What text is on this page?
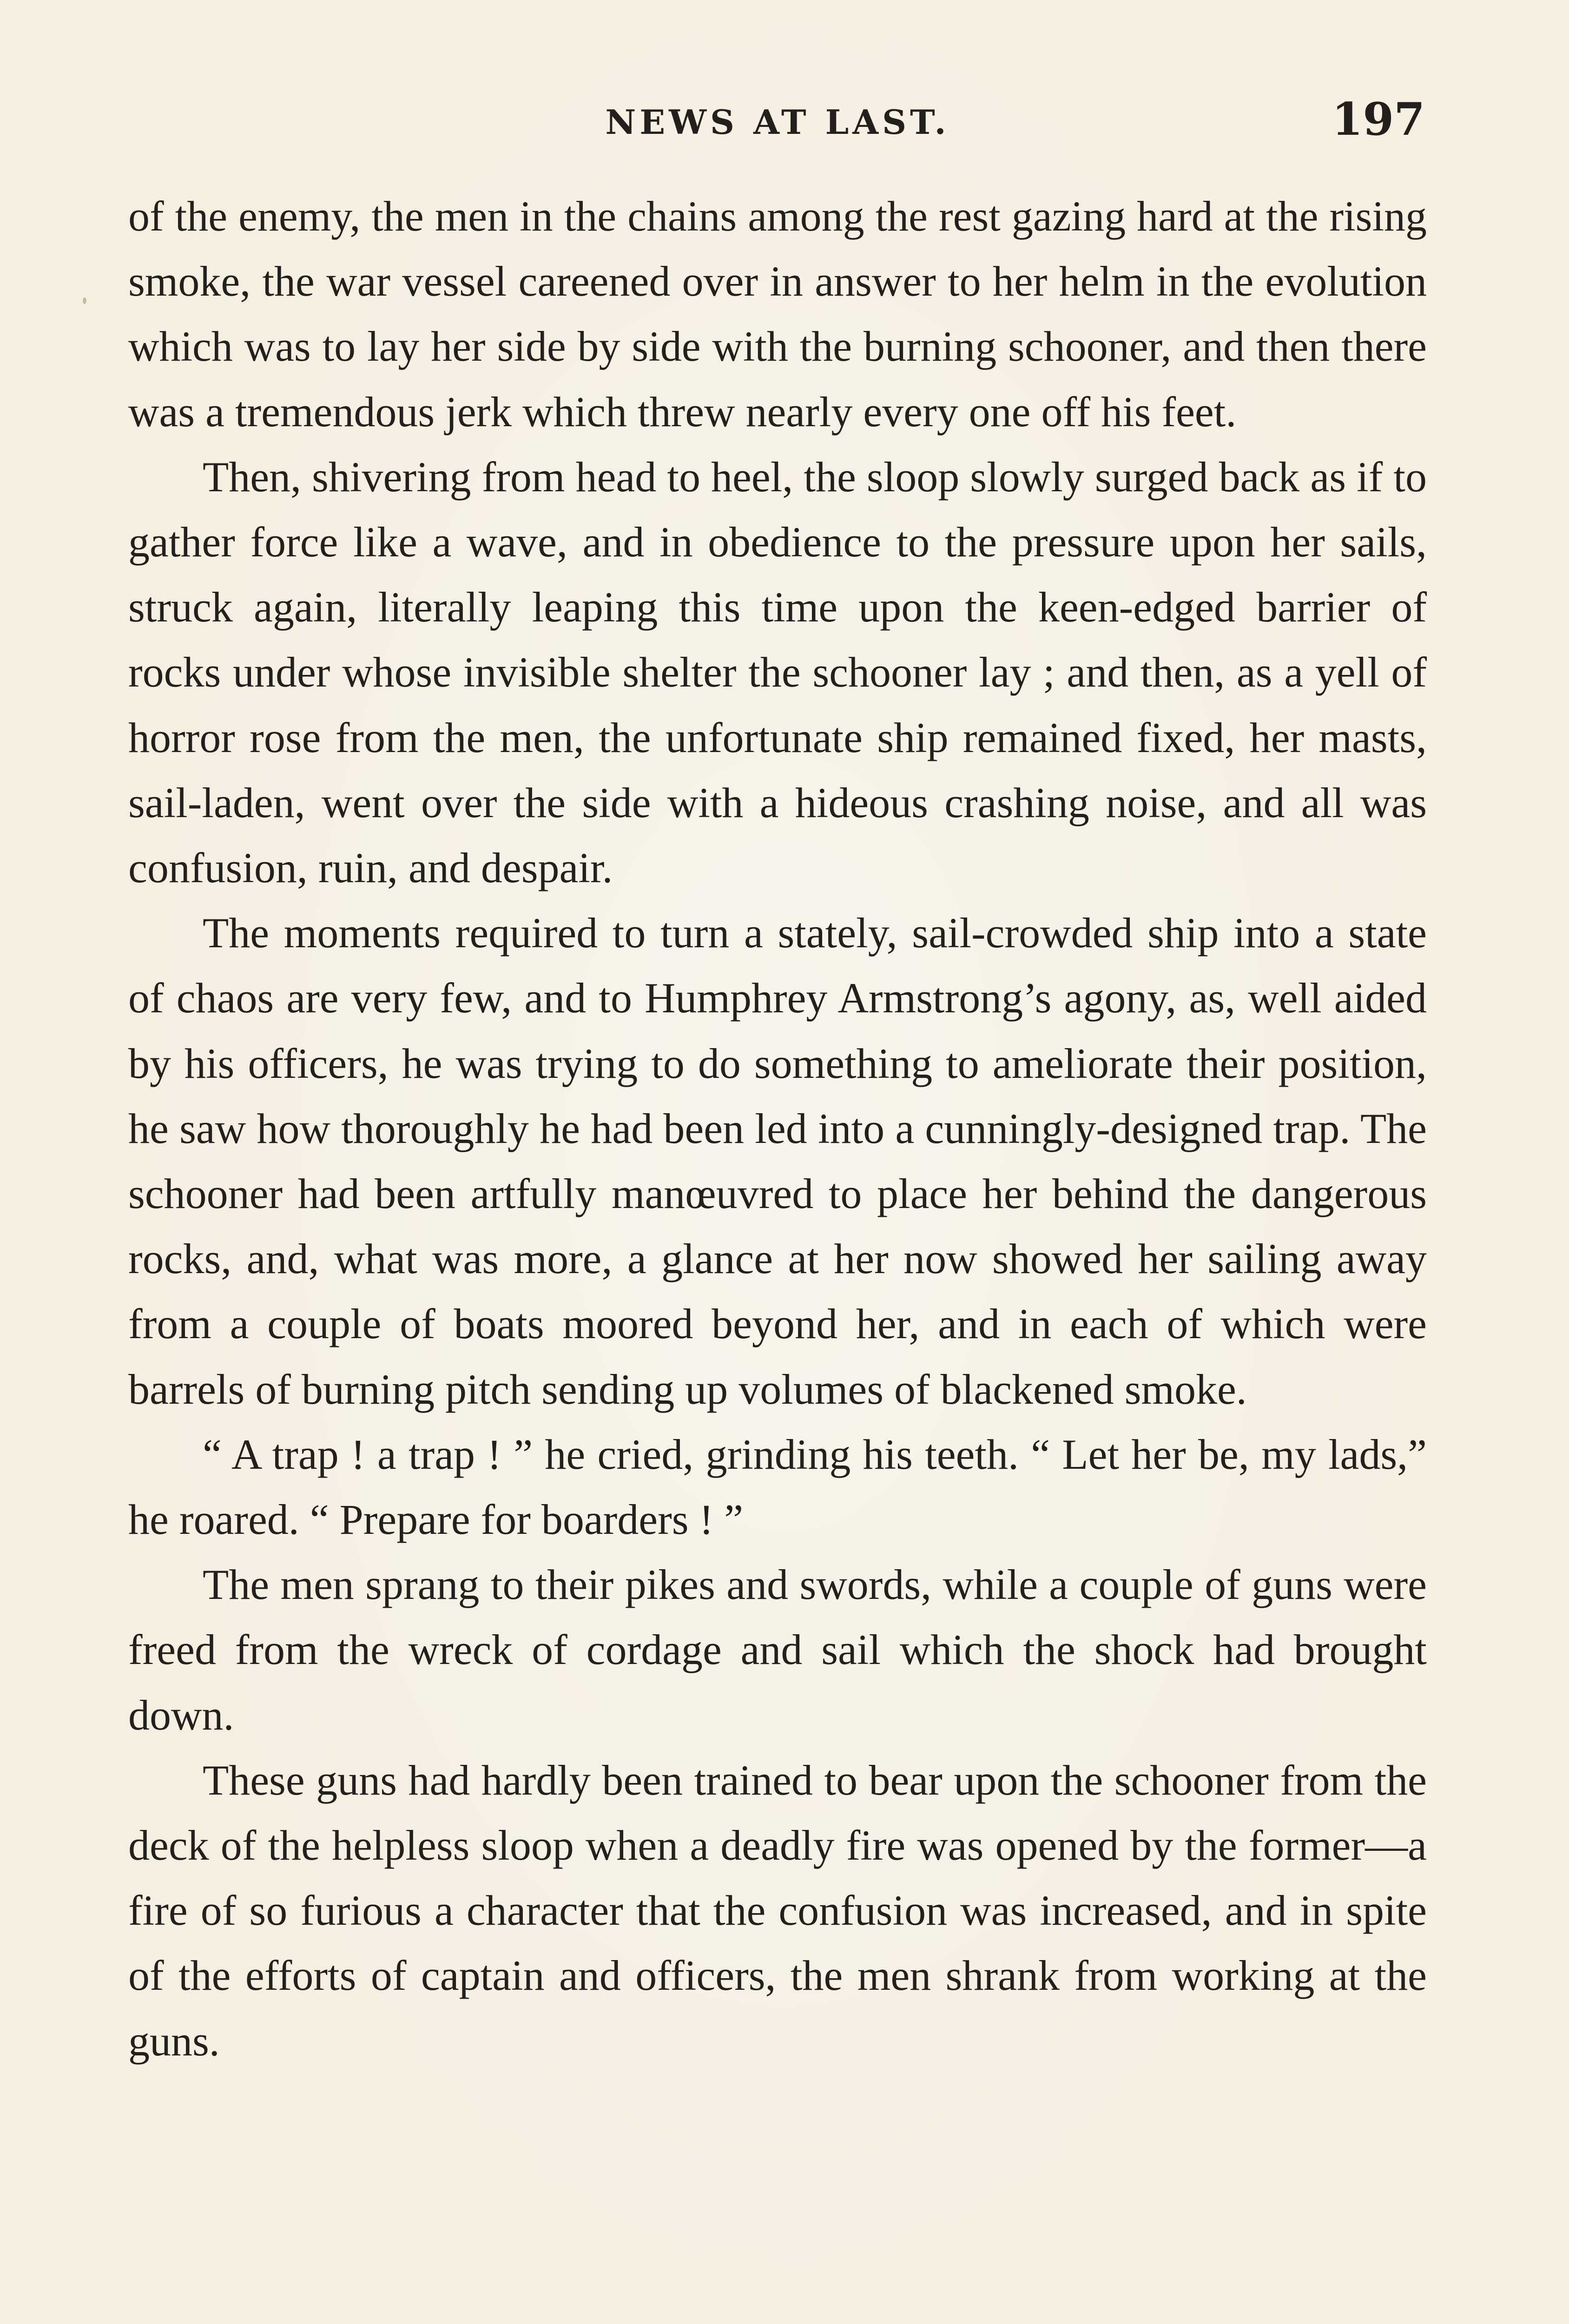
NEWS AT LAST.	197

of the enemy, the men in the chains among the rest gazing hard at the rising smoke, the war vessel careened over in answer to her helm in the evolution which was to lay her side by side with the burning schooner, and then there was a tremendous jerk which threw nearly every one off his feet.

Then, shivering from head to heel, the sloop slowly surged back as if to gather force like a wave, and in obedience to the pressure upon her sails, struck again, literally leaping this time upon the keen-edged barrier of rocks under whose invisible shelter the schooner lay ; and then, as a yell of horror rose from the men, the unfortunate ship remained fixed, her masts, sail-laden, went over the side with a hideous crashing noise, and all was confusion, ruin, and despair.

The moments required to turn a stately, sail-crowded ship into a state of chaos are very few, and to Humphrey Armstrong’s agony, as, well aided by his officers, he was trying to do something to ameliorate their position, he saw how thoroughly he had been led into a cunningly-designed trap. The schooner had been artfully manœuvred to place her behind the dangerous rocks, and, what was more, a glance at her now showed her sailing away from a couple of boats moored beyond her, and in each of which were barrels of burning pitch sending up volumes of blackened smoke.

“ A trap ! a trap ! ” he cried, grinding his teeth. “ Let her be, my lads,” he roared. “ Prepare for boarders ! ”

The men sprang to their pikes and swords, while a couple of guns were freed from the wreck of cordage and sail which the shock had brought down.

These guns had hardly been trained to bear upon the schooner from the deck of the helpless sloop when a deadly fire was opened by the former—a fire of so furious a character that the confusion was increased, and in spite of the efforts of captain and officers, the men shrank from working at the guns.
